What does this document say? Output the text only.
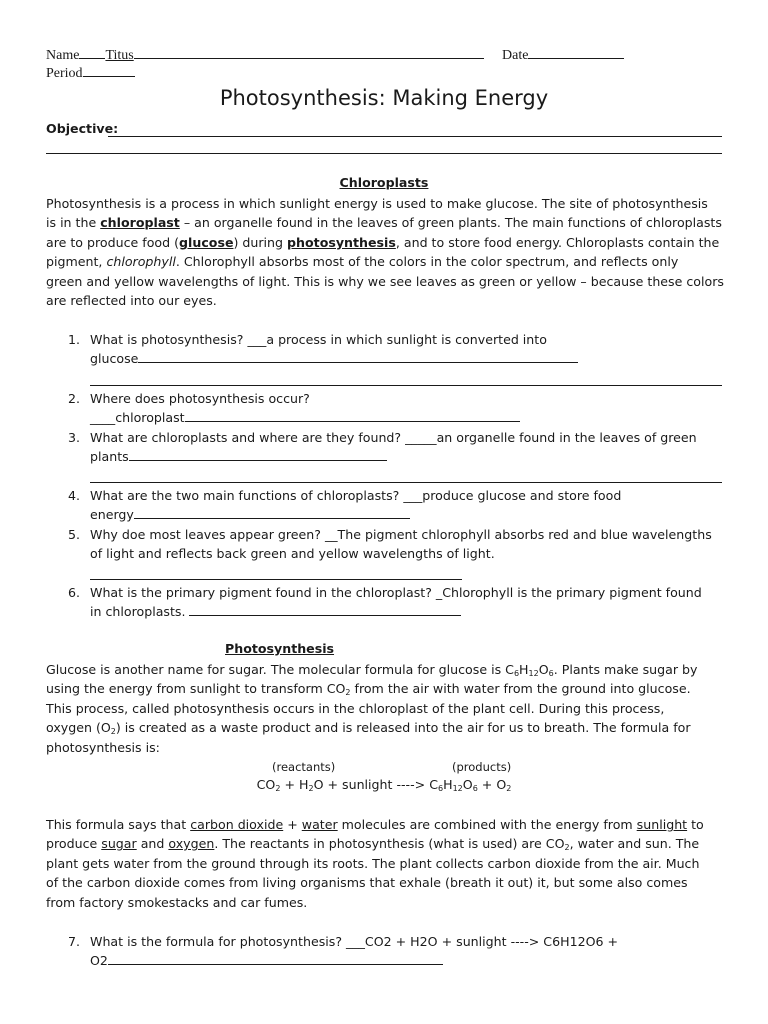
Name Titus	Date
Period
Photosynthesis: Making Energy
Objective:
Chloroplasts

Photosynthesis is a process in which sunlight energy is used to make glucose. The site of photosynthesis

is in the chloroplast – an organelle found in the leaves of green plants. The main functions of chloroplasts

are to produce food (glucose) during photosynthesis, and to store food energy. Chloroplasts contain the

pigment, chlorophyll. Chlorophyll absorbs most of the colors in the color spectrum, and reflects only

green and yellow wavelengths of light. This is why we see leaves as green or yellow – because these colors

are reflected into our eyes.

1. What is photosynthesis? ___a process in which sunlight is converted into
glucose
2. Where does photosynthesis occur?
____chloroplast
3. What are chloroplasts and where are they found? _____an organelle found in the leaves of green
plants
4. What are the two main functions of chloroplasts? ___produce glucose and store food
energy
5. Why doe most leaves appear green? __The pigment chlorophyll absorbs red and blue wavelengths
of light and reflects back green and yellow wavelengths of light.
6. What is the primary pigment found in the chloroplast? _Chlorophyll is the primary pigment found
in chloroplasts.
Photosynthesis

Glucose is another name for sugar. The molecular formula for glucose is $C_6H_{12}O_6$. Plants make sugar by

using the energy from sunlight to transform $CO_2$ from the air with water from the ground into glucose.

This process, called photosynthesis occurs in the chloroplast of the plant cell. During this process,

oxygen $(O_2)$ is created as a waste product and is released into the air for us to breath. The formula for

photosynthesis is:

(reactants)	(products)
$CO_2 + H_2O$ + sunlight ----> $C_6H_{12}O_6 + O_2$

This formula says that carbon dioxide + water molecules are combined with the energy from sunlight to

produce sugar and oxygen. The reactants in photosynthesis (what is used) are $CO_2$, water and sun. The

plant gets water from the ground through its roots. The plant collects carbon dioxide from the air. Much

of the carbon dioxide comes from living organisms that exhale (breath it out) it, but some also comes

from factory smokestacks and car fumes.

7. What is the formula for photosynthesis? ___CO2 + H2O + sunlight ----> C6H12O6 +
O2
